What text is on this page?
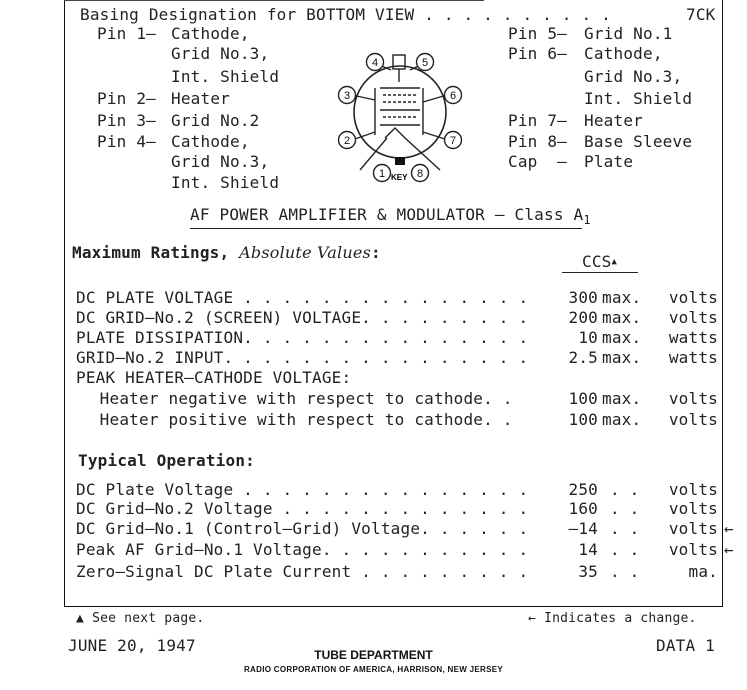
Basing Designation for BOTTOM VIEW . . . . . . . . . .	7CK
Pin 1– Cathode,
Grid No.3,
Int. Shield
Pin 2– Heater
Pin 3– Grid No.2
Pin 4– Cathode,
Grid No.3,
Int. Shield
Pin 5– Grid No.1
Pin 6– Cathode,
Grid No.3,
Int. Shield
Pin 7– Heater
Pin 8– Base Sleeve
Cap  – Plate
KEY
1
2
3
4	5
6
7
8
AF POWER AMPLIFIER & MODULATOR – Class $A_1$
Maximum Ratings, Absolute Values:	CCS▲
DC PLATE VOLTAGE . . . . . . . . . . . . . . .	300 max.	volts
DC GRID–No.2 (SCREEN) VOLTAGE. . . . . . . . .	200 max.	volts
PLATE DISSIPATION. . . . . . . . . . . . . . .	10 max.	watts
GRID–No.2 INPUT. . . . . . . . . . . . . . . .	2.5 max.	watts
PEAK HEATER–CATHODE VOLTAGE:
Heater negative with respect to cathode. .	100 max.	volts
Heater positive with respect to cathode. .	100 max.	volts
Typical Operation:
DC Plate Voltage . . . . . . . . . . . . . . .	250 . .	volts
DC Grid–No.2 Voltage . . . . . . . . . . . . .	160 . .	volts
DC Grid–No.1 (Control–Grid) Voltage. . . . . .	–14 . .	volts ←
Peak AF Grid–No.1 Voltage. . . . . . . . . . .	14 . .	volts ←
Zero–Signal DC Plate Current . . . . . . . . .	35 . .	ma.
▲ See next page.	← Indicates a change.
JUNE 20, 1947	DATA 1
TUBE DEPARTMENT
RADIO CORPORATION OF AMERICA, HARRISON, NEW JERSEY
